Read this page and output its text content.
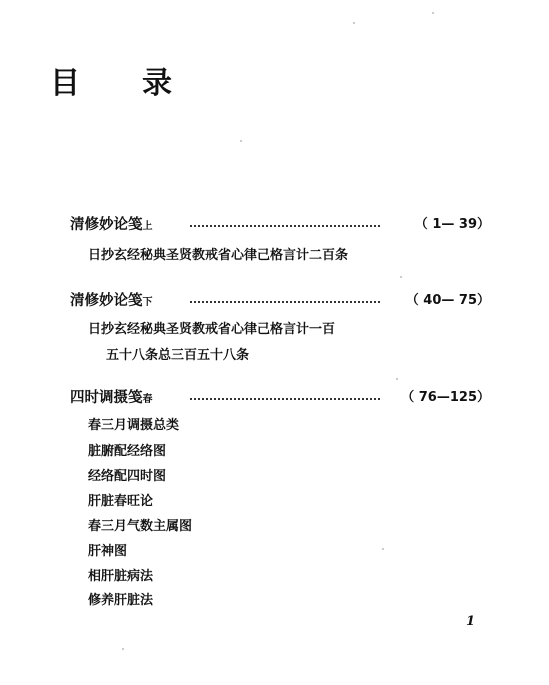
目 录
清修妙论笺上	（ 1— 39）
日抄玄经秘典圣贤教戒省心律己格言计二百条
清修妙论笺下	（ 40— 75）
日抄玄经秘典圣贤教戒省心律己格言计一百
五十八条总三百五十八条
四时调摄笺春	（ 76—125）
春三月调摄总类
脏腑配经络图
经络配四时图
肝脏春旺论
春三月气数主属图
肝神图
相肝脏病法
修养肝脏法
1
